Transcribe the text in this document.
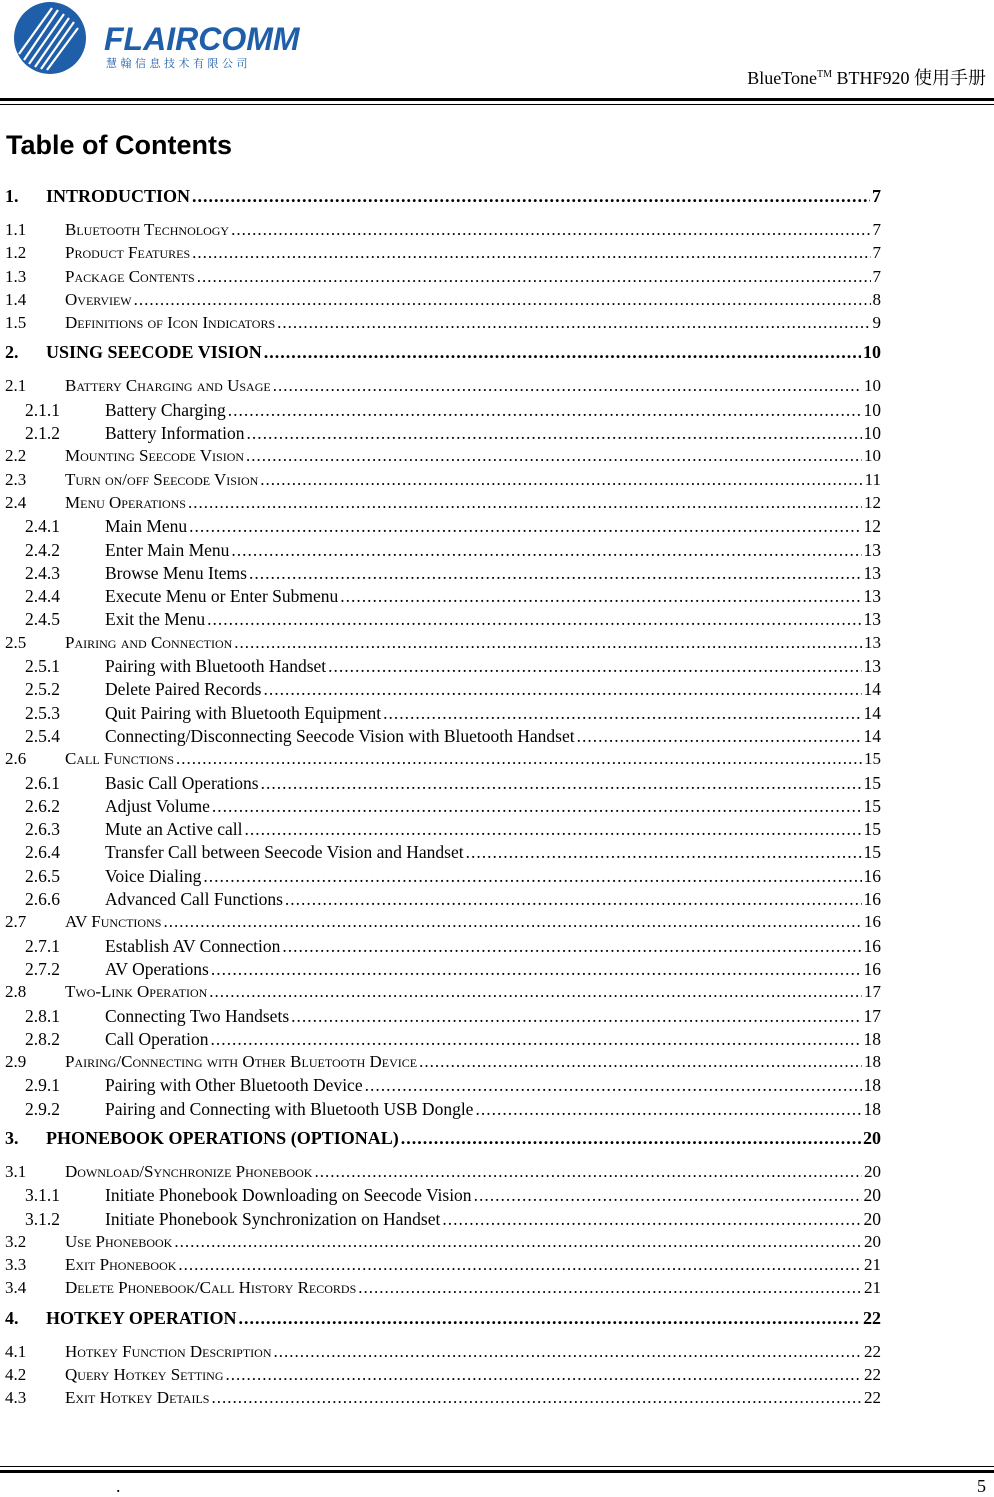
FLAIRCOMM
慧 翰 信 息 技 术 有 限 公 司
BlueTone™ BTHF920 使用手册
Table of Contents
1.	INTRODUCTION .....	7
1.1	Bluetooth Technology .....	7
1.2	Product Features .....	7
1.3	Package Contents .....	7
1.4	Overview .....	8
1.5	Definitions of Icon Indicators .....	9
2.	USING SEECODE VISION .....	10
2.1	Battery Charging and Usage .....	10
2.1.1	Battery Charging .....	10
2.1.2	Battery Information .....	10
2.2	Mounting Seecode Vision .....	10
2.3	Turn on/off Seecode Vision .....	11
2.4	Menu Operations .....	12
2.4.1	Main Menu .....	12
2.4.2	Enter Main Menu .....	13
2.4.3	Browse Menu Items .....	13
2.4.4	Execute Menu or Enter Submenu .....	13
2.4.5	Exit the Menu .....	13
2.5	Pairing and Connection .....	13
2.5.1	Pairing with Bluetooth Handset .....	13
2.5.2	Delete Paired Records .....	14
2.5.3	Quit Pairing with Bluetooth Equipment .....	14
2.5.4	Connecting/Disconnecting Seecode Vision with Bluetooth Handset .....	14
2.6	Call Functions .....	15
2.6.1	Basic Call Operations .....	15
2.6.2	Adjust Volume .....	15
2.6.3	Mute an Active call .....	15
2.6.4	Transfer Call between Seecode Vision and Handset .....	15
2.6.5	Voice Dialing .....	16
2.6.6	Advanced Call Functions .....	16
2.7	AV Functions .....	16
2.7.1	Establish AV Connection .....	16
2.7.2	AV Operations .....	16
2.8	Two-Link Operation .....	17
2.8.1	Connecting Two Handsets .....	17
2.8.2	Call Operation .....	18
2.9	Pairing/Connecting with Other Bluetooth Device .....	18
2.9.1	Pairing with Other Bluetooth Device .....	18
2.9.2	Pairing and Connecting with Bluetooth USB Dongle .....	18
3.	PHONEBOOK OPERATIONS (OPTIONAL) .....	20
3.1	Download/Synchronize Phonebook .....	20
3.1.1	Initiate Phonebook Downloading on Seecode Vision .....	20
3.1.2	Initiate Phonebook Synchronization on Handset .....	20
3.2	Use Phonebook .....	20
3.3	Exit Phonebook .....	21
3.4	Delete Phonebook/Call History Records .....	21
4.	HOTKEY OPERATION .....	22
4.1	Hotkey Function Description .....	22
4.2	Query Hotkey Setting .....	22
4.3	Exit Hotkey Details .....	22
.	5
